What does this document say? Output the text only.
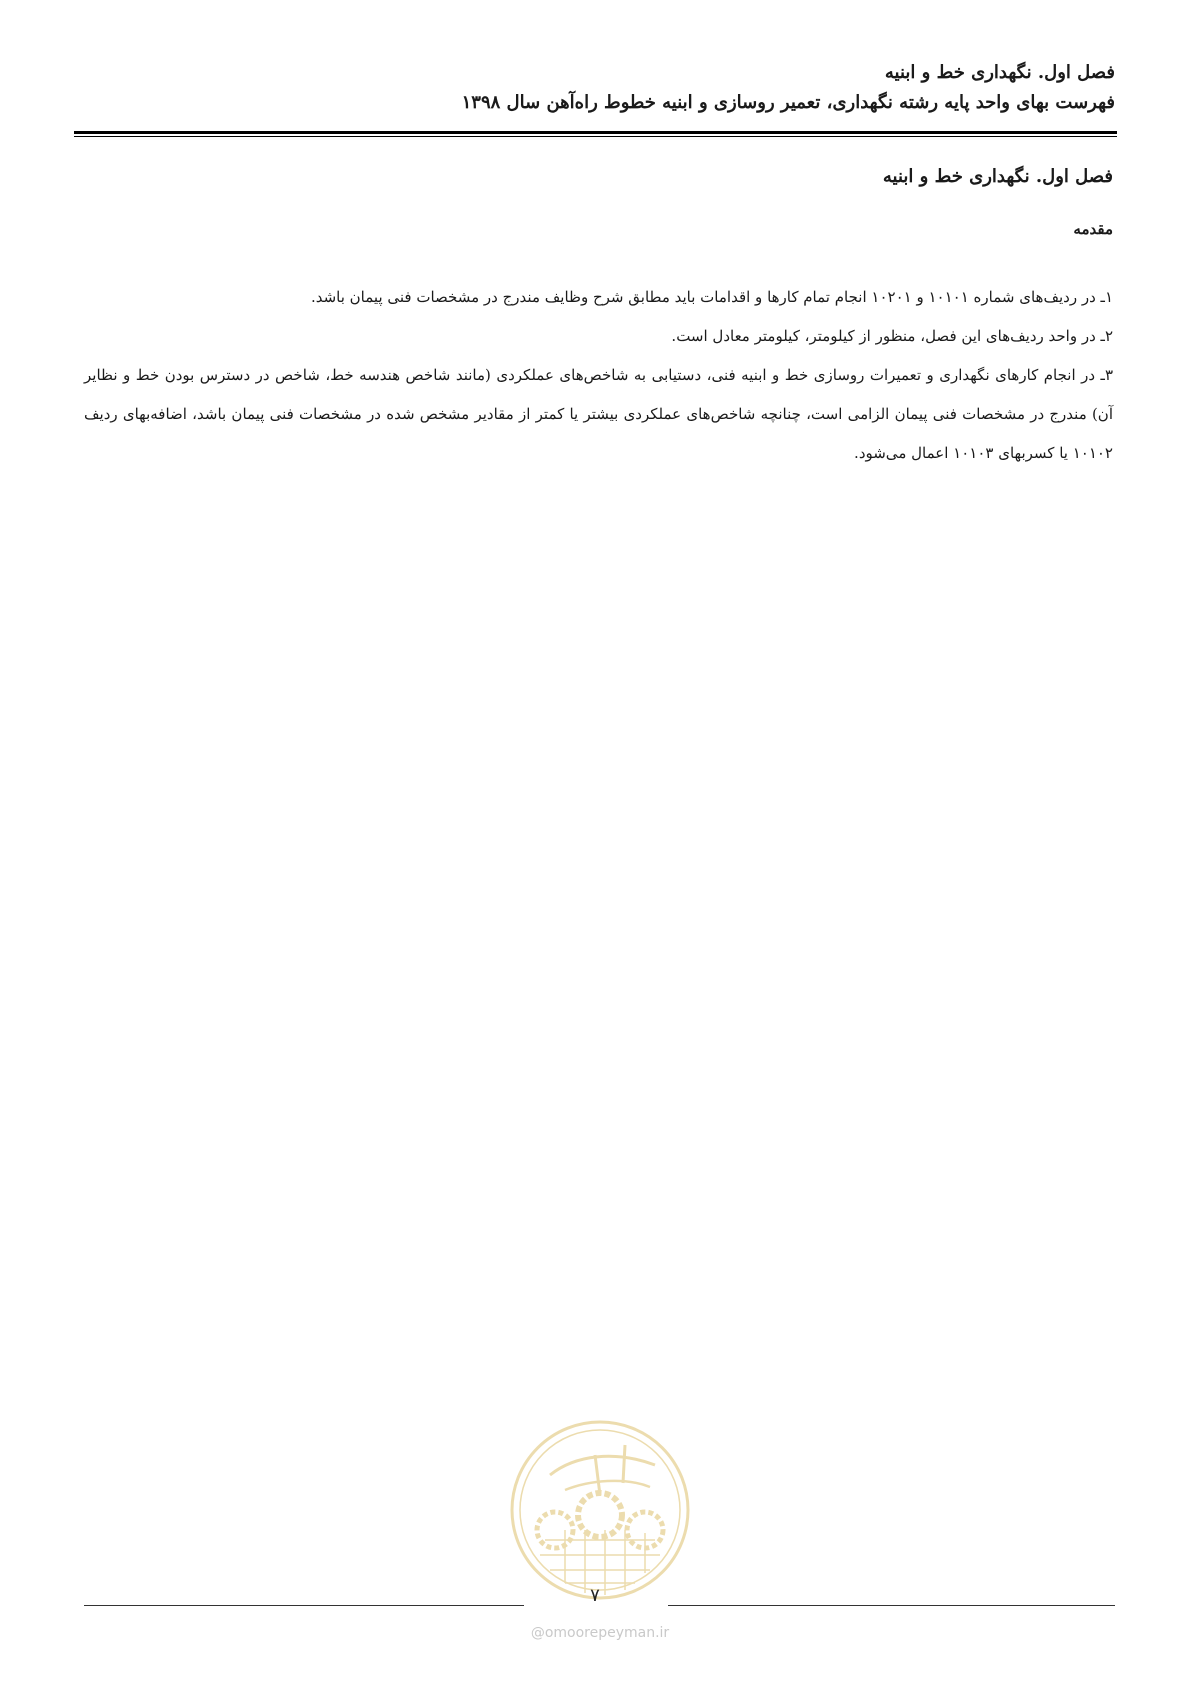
فصل اول. نگهداری خط و ابنیه
فهرست بهای واحد پایه رشته نگهداری، تعمیر روسازی و ابنیه خطوط راه‌آهن سال ۱۳۹۸
فصل اول. نگهداری خط و ابنیه
مقدمه

۱ـ در ردیف‌های شماره ۱۰۱۰۱ و ۱۰۲۰۱ انجام تمام کارها و اقدامات باید مطابق شرح وظایف مندرج در مشخصات فنی پیمان باشد.

۲ـ در واحد ردیف‌های این فصل، منظور از کیلومتر، کیلومتر معادل است.

۳ـ در انجام کارهای نگهداری و تعمیرات روسازی خط و ابنیه فنی، دستیابی به شاخص‌های عملکردی (مانند شاخص هندسه خط، شاخص در دسترس بودن خط و نظایر آن) مندرج در مشخصات فنی پیمان الزامی است، چنانچه شاخص‌های عملکردی بیشتر یا کمتر از مقادیر مشخص شده در مشخصات فنی پیمان باشد، اضافه‌بهای ردیف ۱۰۱۰۲ یا کسربهای ۱۰۱۰۳ اعمال می‌شود.

۷
@omoorepeyman.ir
